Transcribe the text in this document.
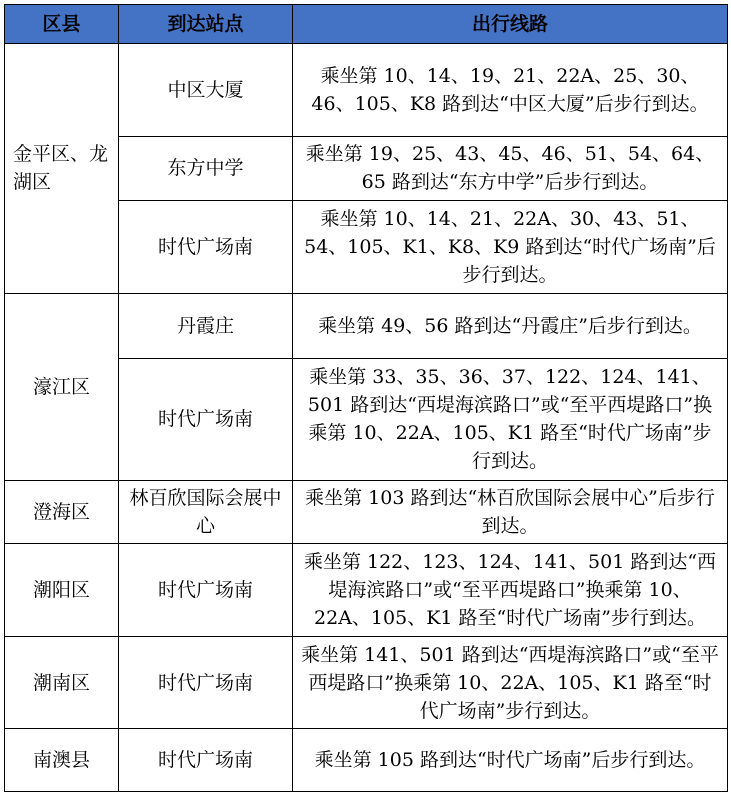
区县	到达站点	出行线路
金平区、龙湖区	中区大厦	乘坐第 10、14、19、21、22A、25、30、46、105、K8 路到达“中区大厦”后步行到达。
	东方中学	乘坐第 19、25、43、45、46、51、54、64、65 路到达“东方中学”后步行到达。
	时代广场南	乘坐第 10、14、21、22A、30、43、51、54、105、K1、K8、K9 路到达“时代广场南”后步行到达。
濠江区	丹霞庄	乘坐第 49、56 路到达“丹霞庄”后步行到达。
	时代广场南	乘坐第 33、35、36、37、122、124、141、501 路到达“西堤海滨路口”或“至平西堤路口”换乘第 10、22A、105、K1 路至“时代广场南”步行到达。
澄海区	林百欣国际会展中心	乘坐第 103 路到达“林百欣国际会展中心”后步行到达。
潮阳区	时代广场南	乘坐第 122、123、124、141、501 路到达“西堤海滨路口”或“至平西堤路口”换乘第 10、22A、105、K1 路至“时代广场南”步行到达。
潮南区	时代广场南	乘坐第 141、501 路到达“西堤海滨路口”或“至平西堤路口”换乘第 10、22A、105、K1 路至“时代广场南”步行到达。
南澳县	时代广场南	乘坐第 105 路到达“时代广场南”后步行到达。
